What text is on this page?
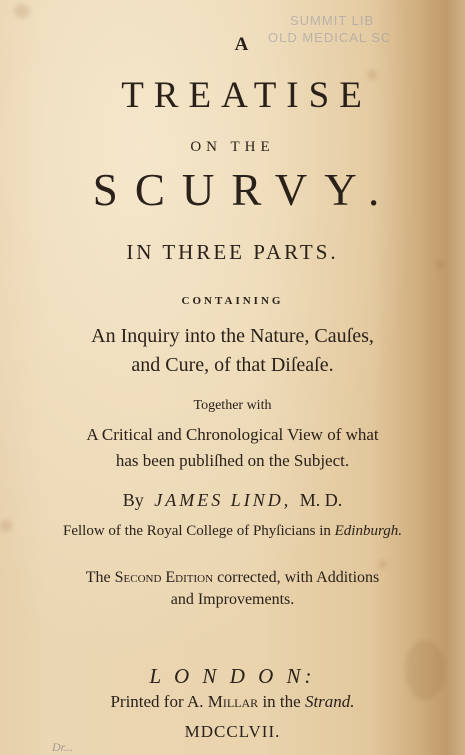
SUMMIT LIB
OLD MEDICAL SC
A
TREATISE
ON THE
SCURVY.
IN THREE PARTS.
CONTAINING
An Inquiry into the Nature, Cauſes,
and Cure, of that Diſeaſe.
Together with
A Critical and Chronological View of what
has been publiſhed on the Subject.
By JAMES LIND, M. D.
Fellow of the Royal College of Phyſicians in Edinburgh.
The Second Edition corrected, with Additions
and Improvements.
L O N D O N:
Printed for A. Millar in the Strand.
MDCCLVII.
Dr...
